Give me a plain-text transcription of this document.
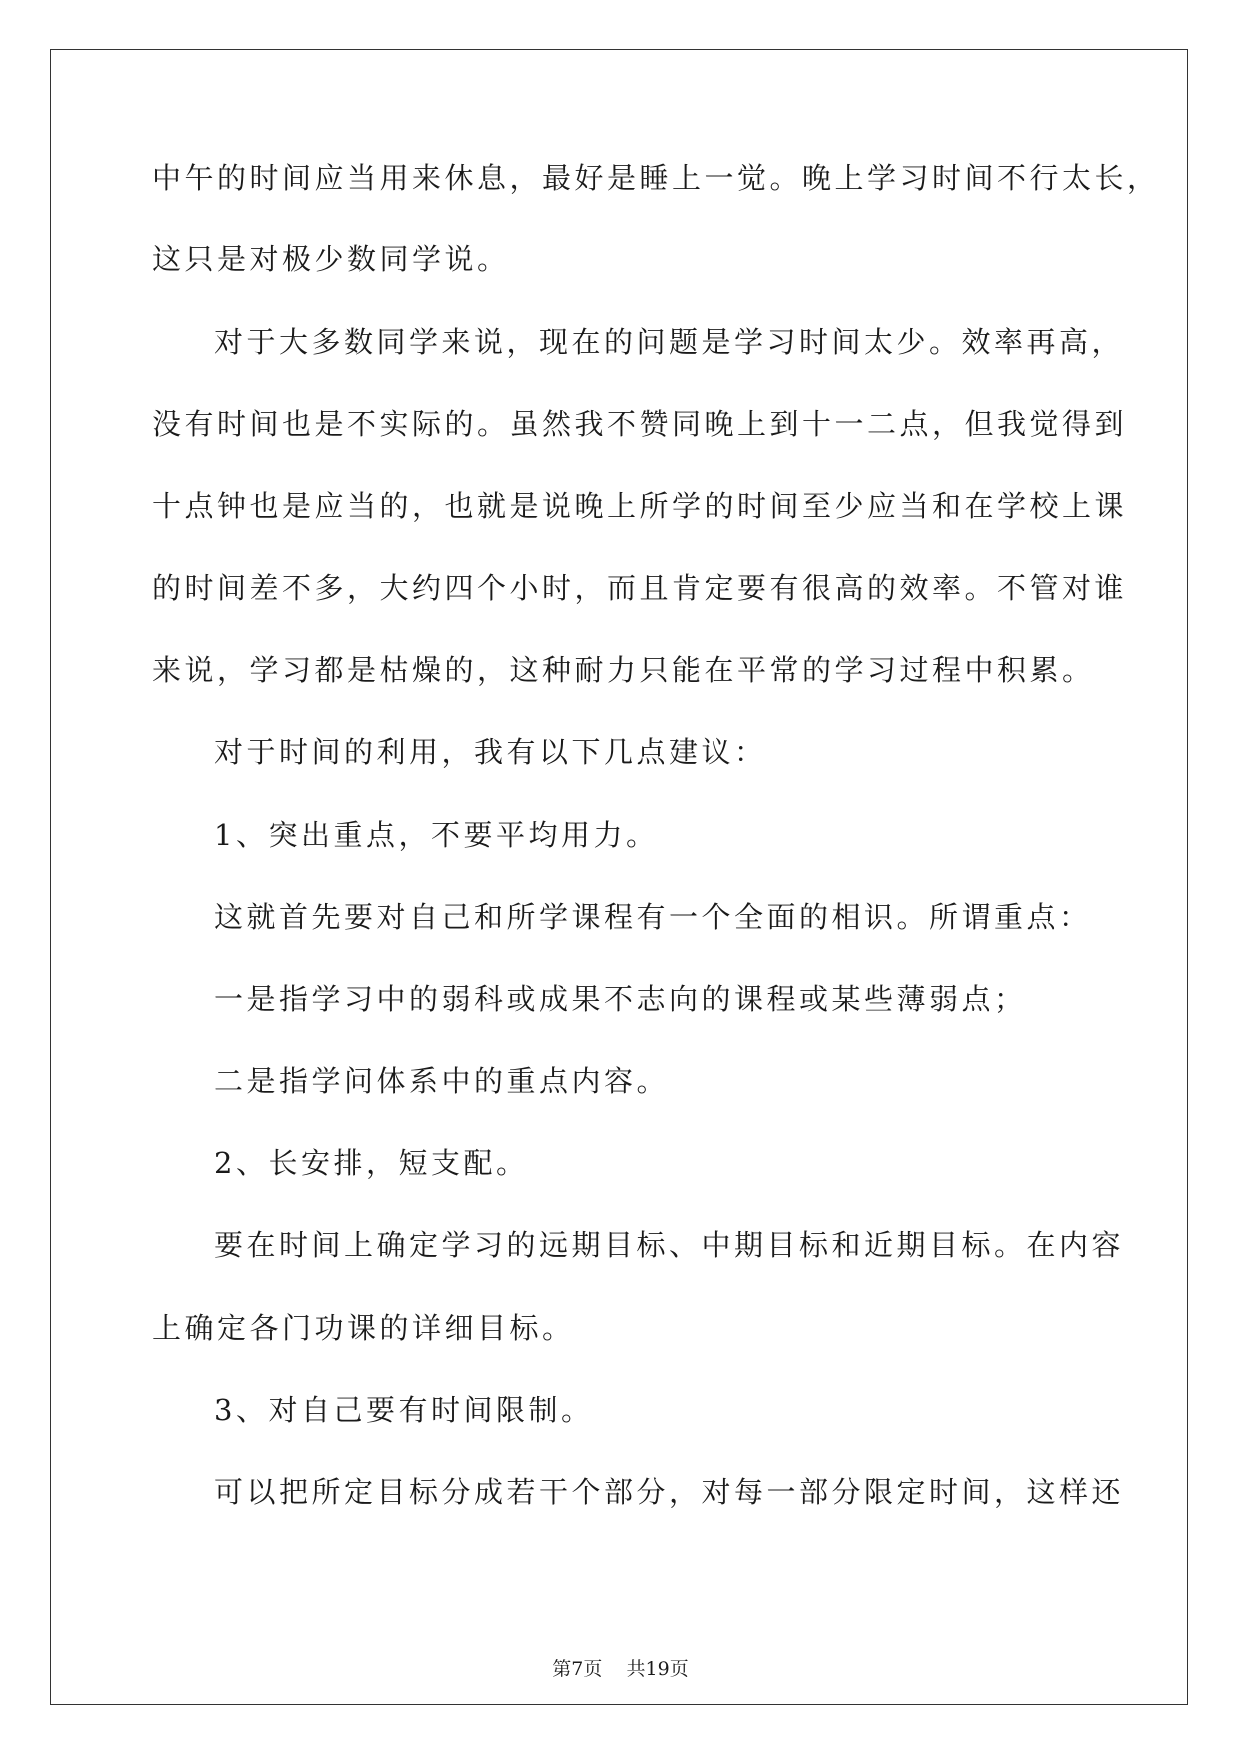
中午的时间应当用来休息，最好是睡上一觉。晚上学习时间不行太长，
这只是对极少数同学说。
对于大多数同学来说，现在的问题是学习时间太少。效率再高，
没有时间也是不实际的。虽然我不赞同晚上到十一二点，但我觉得到
十点钟也是应当的，也就是说晚上所学的时间至少应当和在学校上课
的时间差不多，大约四个小时，而且肯定要有很高的效率。不管对谁
来说，学习都是枯燥的，这种耐力只能在平常的学习过程中积累。
对于时间的利用，我有以下几点建议：
1、突出重点，不要平均用力。
这就首先要对自己和所学课程有一个全面的相识。所谓重点：
一是指学习中的弱科或成果不志向的课程或某些薄弱点；
二是指学问体系中的重点内容。
2、长安排，短支配。
要在时间上确定学习的远期目标、中期目标和近期目标。在内容
上确定各门功课的详细目标。
3、对自己要有时间限制。
可以把所定目标分成若干个部分，对每一部分限定时间，这样还
第7页 共19页
